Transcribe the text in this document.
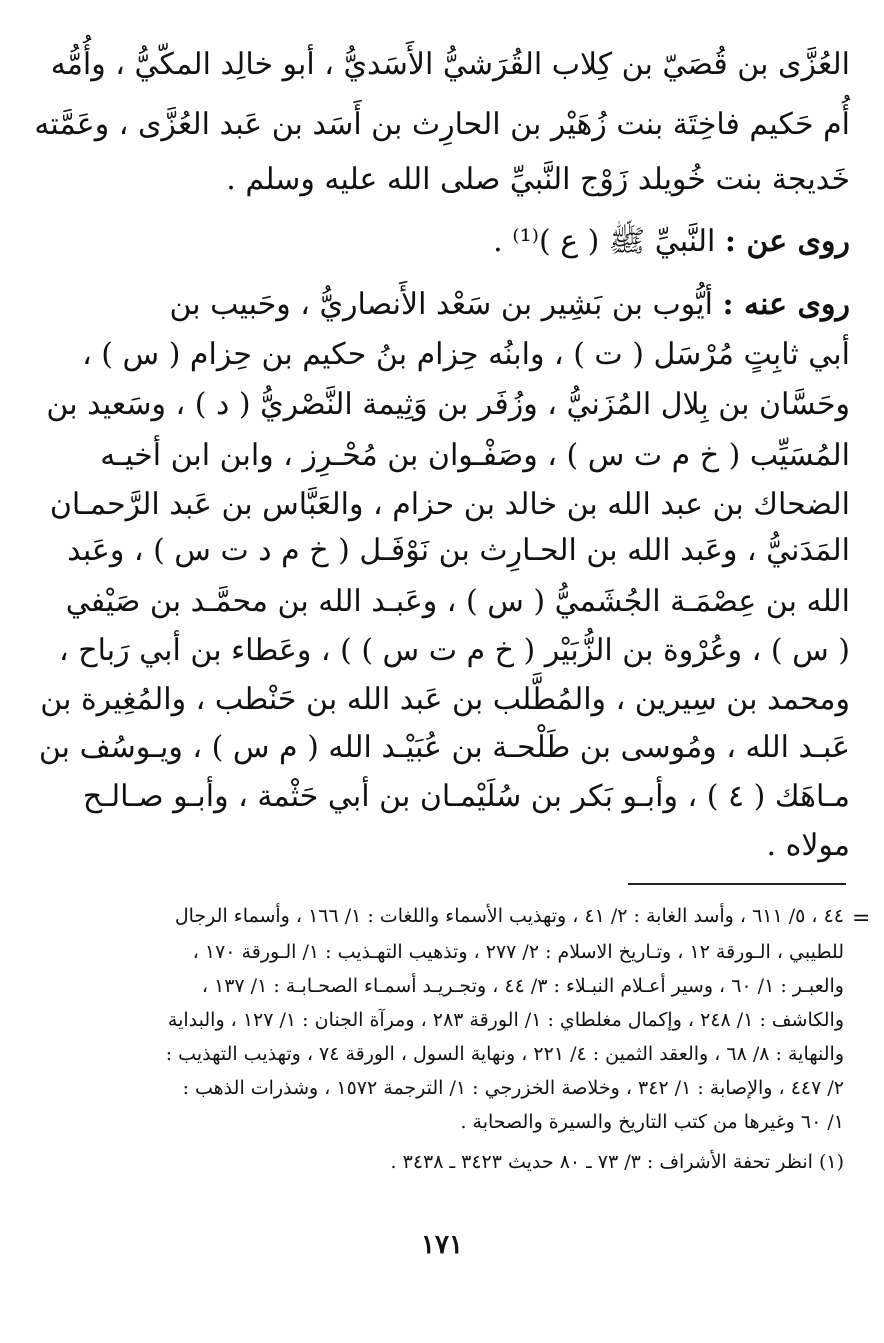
العُزَّى بن قُصَيّ بن كِلاب القُرَشيُّ الأَسَديُّ ، أبو خالِد المكّيُّ ، وأُمُّه
أُم حَكيم فاخِتَة بنت زُهَيْر بن الحارِث بن أَسَد بن عَبد العُزَّى ، وعَمَّته
خَديجة بنت خُويلد زَوْج النَّبيِّ صلى الله عليه وسلم .
روى عن : النَّبيِّ ﷺ ( ع )⁽¹⁾ .
روى عنه : أيُّوب بن بَشِير بن سَعْد الأَنصاريُّ ، وحَبيب بن
أبي ثابِتٍ مُرْسَل ( ت ) ، وابنُه حِزام بنُ حكيم بن حِزام ( س ) ،
وحَسَّان بن بِلال المُزَنيُّ ، وزُفَر بن وَثِيمة النَّصْريُّ ( د ) ، وسَعيد بن
المُسَيِّب ( خ م ت س ) ، وصَفْـوان بن مُحْـرِز ، وابن ابن أخيـه
الضحاك بن عبد الله بن خالد بن حزام ، والعَبَّاس بن عَبد الرَّحمـان
المَدَنيُّ ، وعَبد الله بن الحـارِث بن نَوْفَـل ( خ م د ت س ) ، وعَبد
الله بن عِصْمَـة الجُشَميُّ ( س ) ، وعَبـد الله بن محمَّـد بن صَيْفي
( س ) ، وعُرْوة بن الزُّبَيْر ( خ م ت س ) ) ، وعَطاء بن أبي رَباح ،
ومحمد بن سِيرين ، والمُطَّلب بن عَبد الله بن حَنْطب ، والمُغِيرة بن
عَبـد الله ، ومُوسى بن طَلْحـة بن عُبَيْـد الله ( م س ) ، ويـوسُف بن
مـاهَك ( ٤ ) ، وأبـو بَكر بن سُلَيْمـان بن أبي حَثْمة ، وأبـو صـالـح
مولاه .
=
٤٤ ، ٥/ ٦١١ ، وأسد الغابة : ٢/ ٤١ ، وتهذيب الأسماء واللغات : ١/ ١٦٦ ، وأسماء الرجال
للطيبي ، الـورقة ١٢ ، وتـاريخ الاسلام : ٢/ ٢٧٧ ، وتذهيب التهـذيب : ١/ الـورقة ١٧٠ ،
والعبـر : ١/ ٦٠ ، وسير أعـلام النبـلاء : ٣/ ٤٤ ، وتجـريـد أسمـاء الصحـابـة : ١/ ١٣٧ ،
والكاشف : ١/ ٢٤٨ ، وإكمال مغلطاي : ١/ الورقة ٢٨٣ ، ومرآة الجنان : ١/ ١٢٧ ، والبداية
والنهاية : ٨/ ٦٨ ، والعقد الثمين : ٤/ ٢٢١ ، ونهاية السول ، الورقة ٧٤ ، وتهذيب التهذيب :
٢/ ٤٤٧ ، والإصابة : ١/ ٣٤٢ ، وخلاصة الخزرجي : ١/ الترجمة ١٥٧٢ ، وشذرات الذهب :
١/ ٦٠ وغيرها من كتب التاريخ والسيرة والصحابة .
(١) انظر تحفة الأشراف : ٣/ ٧٣ ـ ٨٠ حديث ٣٤٢٣ ـ ٣٤٣٨ .
١٧١
